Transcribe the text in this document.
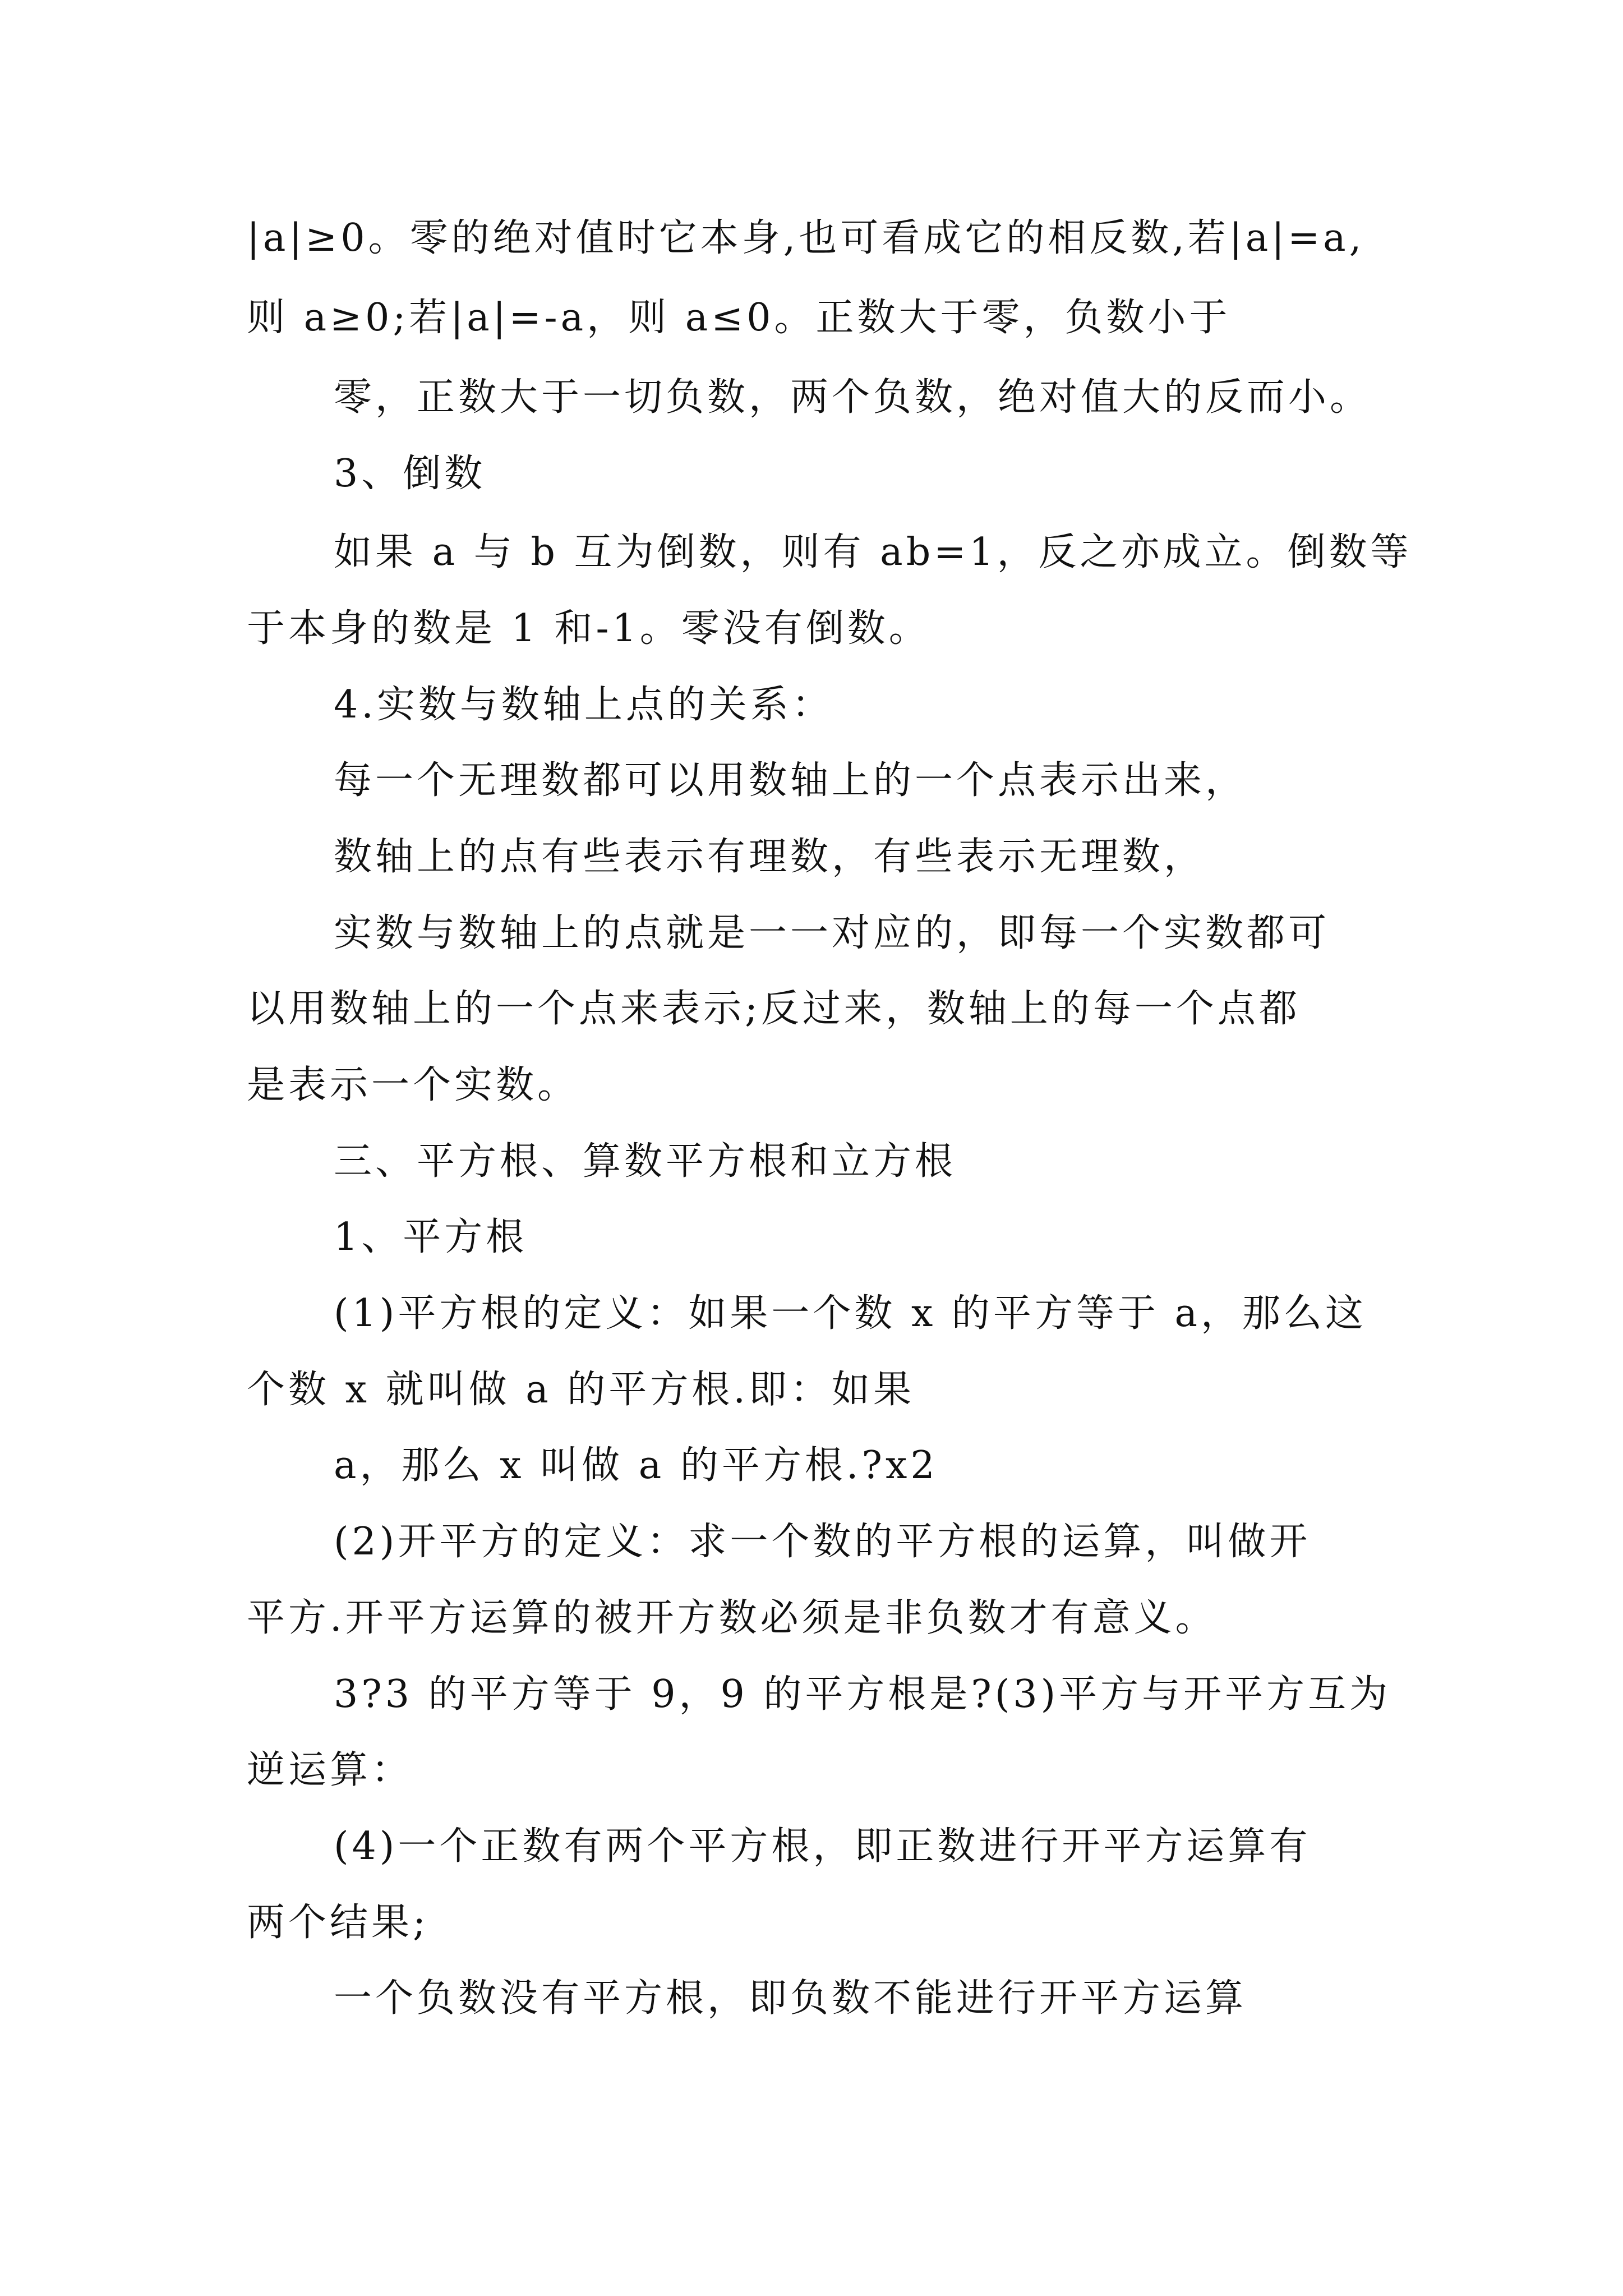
|a|≥0。零的绝对值时它本身,也可看成它的相反数,若|a|=a,
则 a≥0;若|a|=-a，则 a≤0。正数大于零，负数小于
零，正数大于一切负数，两个负数，绝对值大的反而小。
3、倒数
如果 a 与 b 互为倒数，则有 ab=1，反之亦成立。倒数等
于本身的数是 1 和-1。零没有倒数。
4.实数与数轴上点的关系：
每一个无理数都可以用数轴上的一个点表示出来，
数轴上的点有些表示有理数，有些表示无理数，
实数与数轴上的点就是一一对应的，即每一个实数都可
以用数轴上的一个点来表示;反过来，数轴上的每一个点都
是表示一个实数。
三、平方根、算数平方根和立方根
1、平方根
(1)平方根的定义：如果一个数 x 的平方等于 a，那么这
个数 x 就叫做 a 的平方根.即：如果
a，那么 x 叫做 a 的平方根.?x2
(2)开平方的定义：求一个数的平方根的运算，叫做开
平方.开平方运算的被开方数必须是非负数才有意义。
3?3 的平方等于 9，9 的平方根是?(3)平方与开平方互为
逆运算：
(4)一个正数有两个平方根，即正数进行开平方运算有
两个结果;
一个负数没有平方根，即负数不能进行开平方运算
